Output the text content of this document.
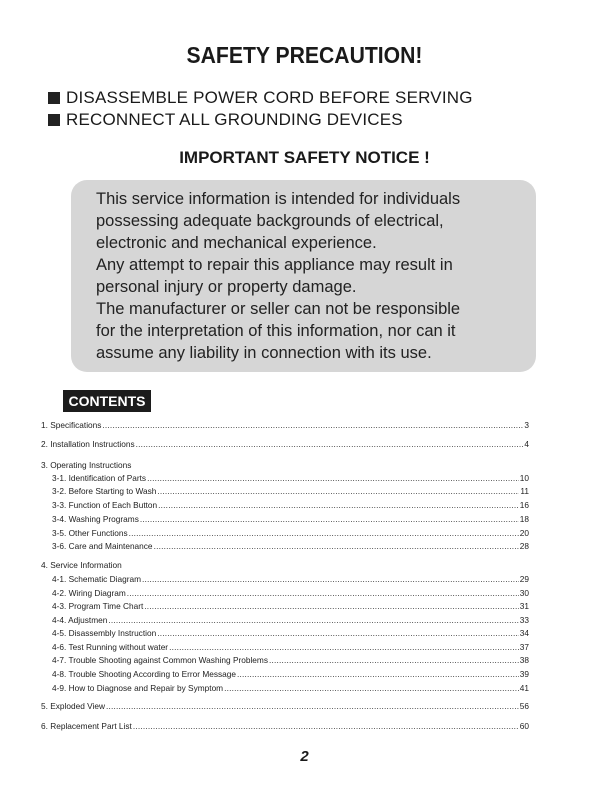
SAFETY PRECAUTION!
DISASSEMBLE POWER CORD BEFORE SERVING
RECONNECT ALL GROUNDING DEVICES
IMPORTANT SAFETY NOTICE !
This service information is intended for individuals
possessing adequate backgrounds of electrical,
electronic and mechanical experience.
Any attempt to repair this appliance may result in
personal injury or property damage.
The manufacturer or seller can not be responsible
for the interpretation of this information, nor can it
assume any liability in connection with its use.
CONTENTS
1. Specifications .....	3
2. Installation Instructions .....	4
3. Operating Instructions
3-1. Identification of Parts .....	10
3-2. Before Starting to Wash .....	11
3-3. Function of Each Button .....	16
3-4. Washing Programs .....	18
3-5. Other Functions .....	20
3-6. Care and Maintenance .....	28
4. Service Information
4-1. Schematic Diagram .....	29
4-2. Wiring Diagram .....	30
4-3. Program Time Chart .....	31
4-4. Adjustmen .....	33
4-5. Disassembly Instruction .....	34
4-6. Test Running without water .....	37
4-7. Trouble Shooting against Common Washing Problems .....	38
4-8. Trouble Shooting According to Error Message .....	39
4-9. How to Diagnose and Repair by Symptom .....	41
5. Exploded View .....	56
6. Replacement Part List .....	60
2
